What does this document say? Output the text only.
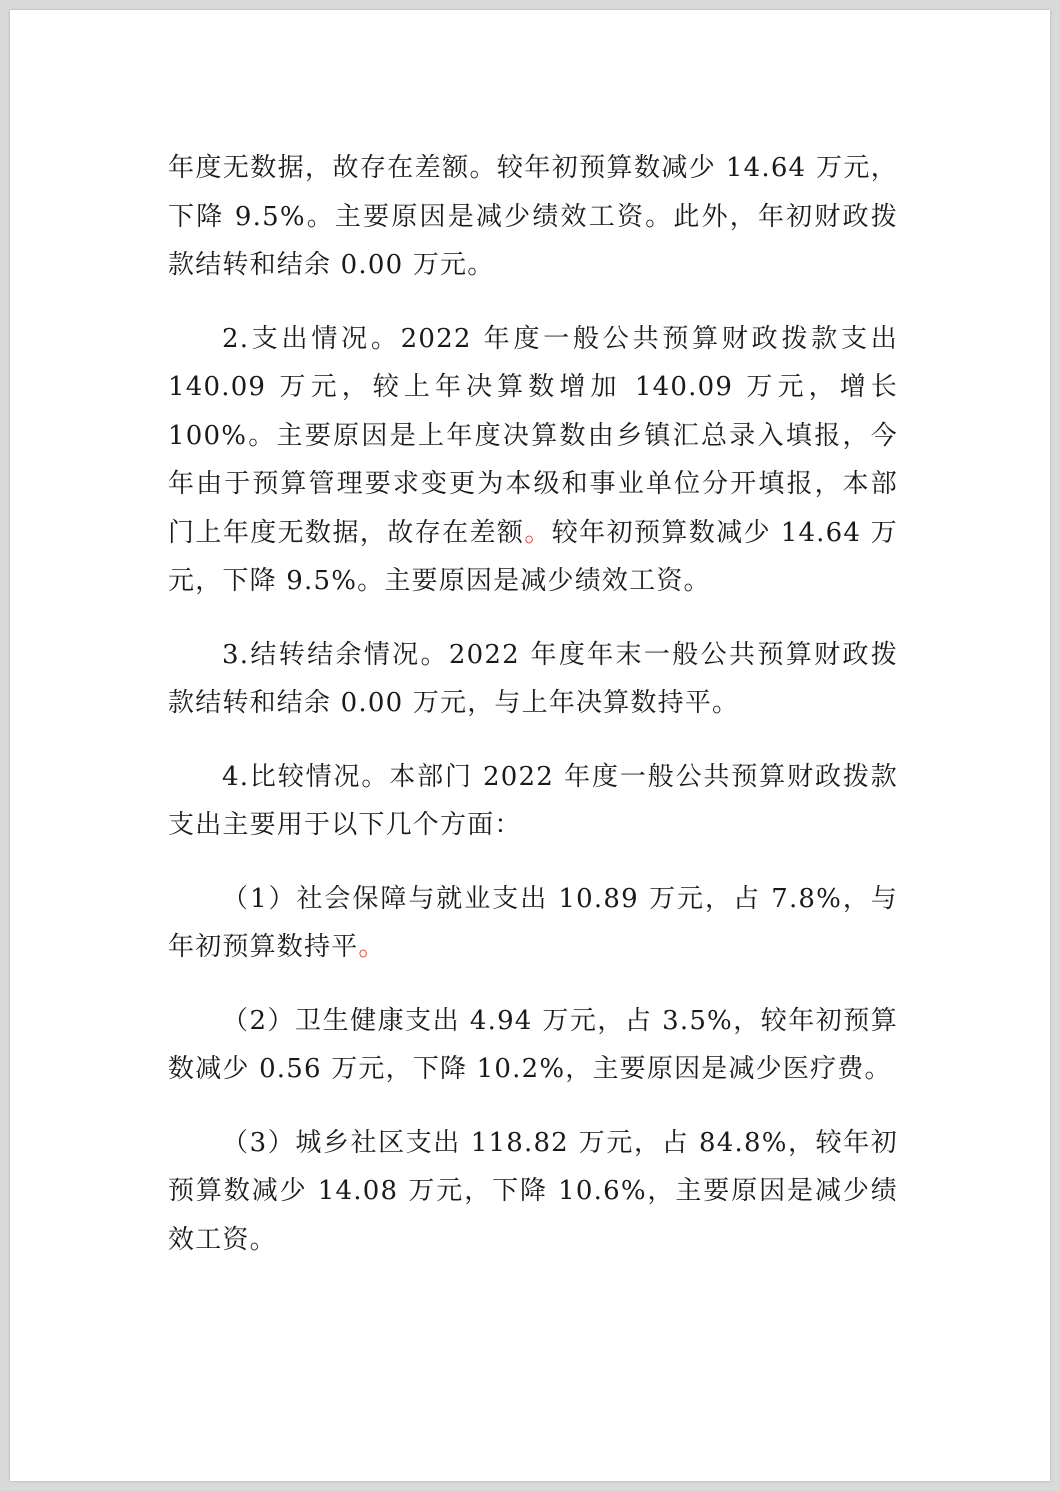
年度无数据，故存在差额。较年初预算数减少 14.64 万元，下降 9.5%。主要原因是减少绩效工资。此外，年初财政拨款结转和结余 0.00 万元。

2.支出情况。2022 年度一般公共预算财政拨款支出 140.09 万元，较上年决算数增加 140.09 万元，增长 100%。主要原因是上年度决算数由乡镇汇总录入填报，今年由于预算管理要求变更为本级和事业单位分开填报，本部门上年度无数据，故存在差额。较年初预算数减少 14.64 万元，下降 9.5%。主要原因是减少绩效工资。

3.结转结余情况。2022 年度年末一般公共预算财政拨款结转和结余 0.00 万元，与上年决算数持平。

4.比较情况。本部门 2022 年度一般公共预算财政拨款支出主要用于以下几个方面：

（1）社会保障与就业支出 10.89 万元，占 7.8%，与年初预算数持平。

（2）卫生健康支出 4.94 万元，占 3.5%，较年初预算数减少 0.56 万元，下降 10.2%，主要原因是减少医疗费。

（3）城乡社区支出 118.82 万元，占 84.8%，较年初预算数减少 14.08 万元，下降 10.6%，主要原因是减少绩效工资。
